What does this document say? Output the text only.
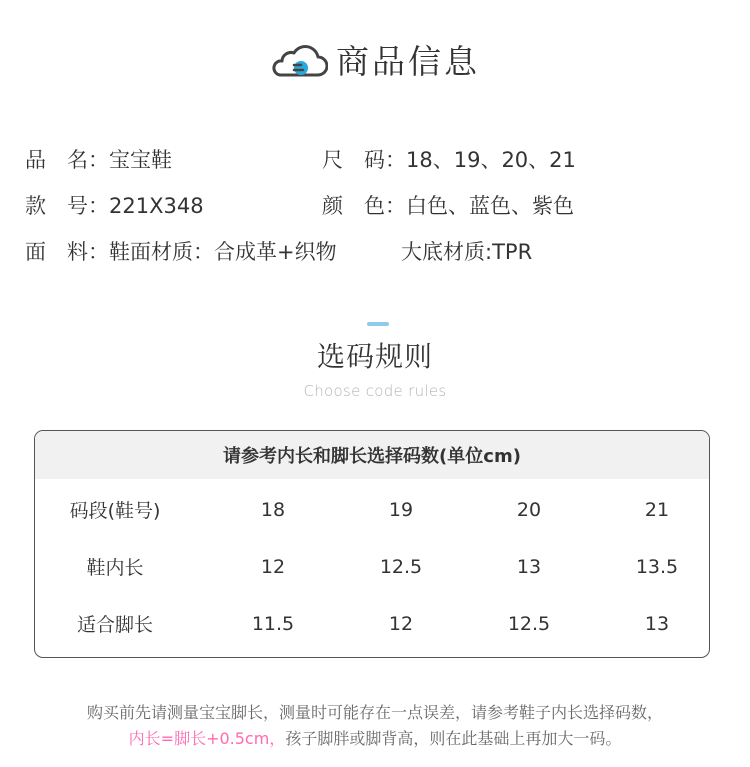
商品信息
品　名：宝宝鞋	尺　码：18、19、20、21
款　号：221X348	颜　色：白色、蓝色、紫色
面　料：鞋面材质：合成革+织物	大底材质:TPR
选码规则
Choose code rules
请参考内长和脚长选择码数(单位cm)
码段(鞋号)	18	19	20	21
鞋内长	12	12.5	13	13.5
适合脚长	11.5	12	12.5	13
购买前先请测量宝宝脚长，测量时可能存在一点误差，请参考鞋子内长选择码数，
内长=脚长+0.5cm，孩子脚胖或脚背高，则在此基础上再加大一码。
